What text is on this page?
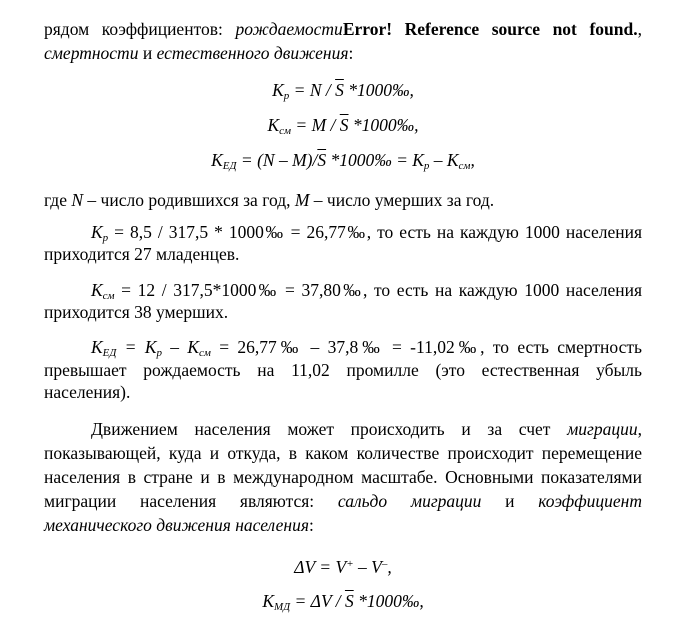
рядом коэффициентов: рождаемостиError! Reference source not found.,
смертности и естественного движения:
$К_р = N / \overline{S}$ *1000‰,
$К_{см} = M / \overline{S}$ *1000‰,
$К_{ЕД} = (N - M)/\overline{S}$ *1000‰ = $К_р - К_{см}$,
где N – число родившихся за год, M – число умерших за год.
$К_р = 8,5 / 317,5$ * 1000‰ = 26,77‰, то есть на каждую 1000 населения
приходится 27 младенцев.
$К_{см} = 12$ / 317,5*1000‰ = 37,80‰, то есть на каждую 1000 населения
приходится 38 умерших.
$К_{ЕД} = К_р - К_{см}$ = 26,77‰ – 37,8‰ = -11,02‰, то есть смертность
превышает рождаемость на 11,02 промилле (это естественная убыль
населения).
Движением населения может происходить и за счет миграции,
показывающей, куда и откуда, в каком количестве происходит перемещение
населения в стране и в международном масштабе. Основными показателями
миграции населения являются: сальдо миграции и коэффициент
механического движения населения:
ΔV = V+ – V–,
$К_{МД} = \Delta V / \overline{S}$ *1000‰,
